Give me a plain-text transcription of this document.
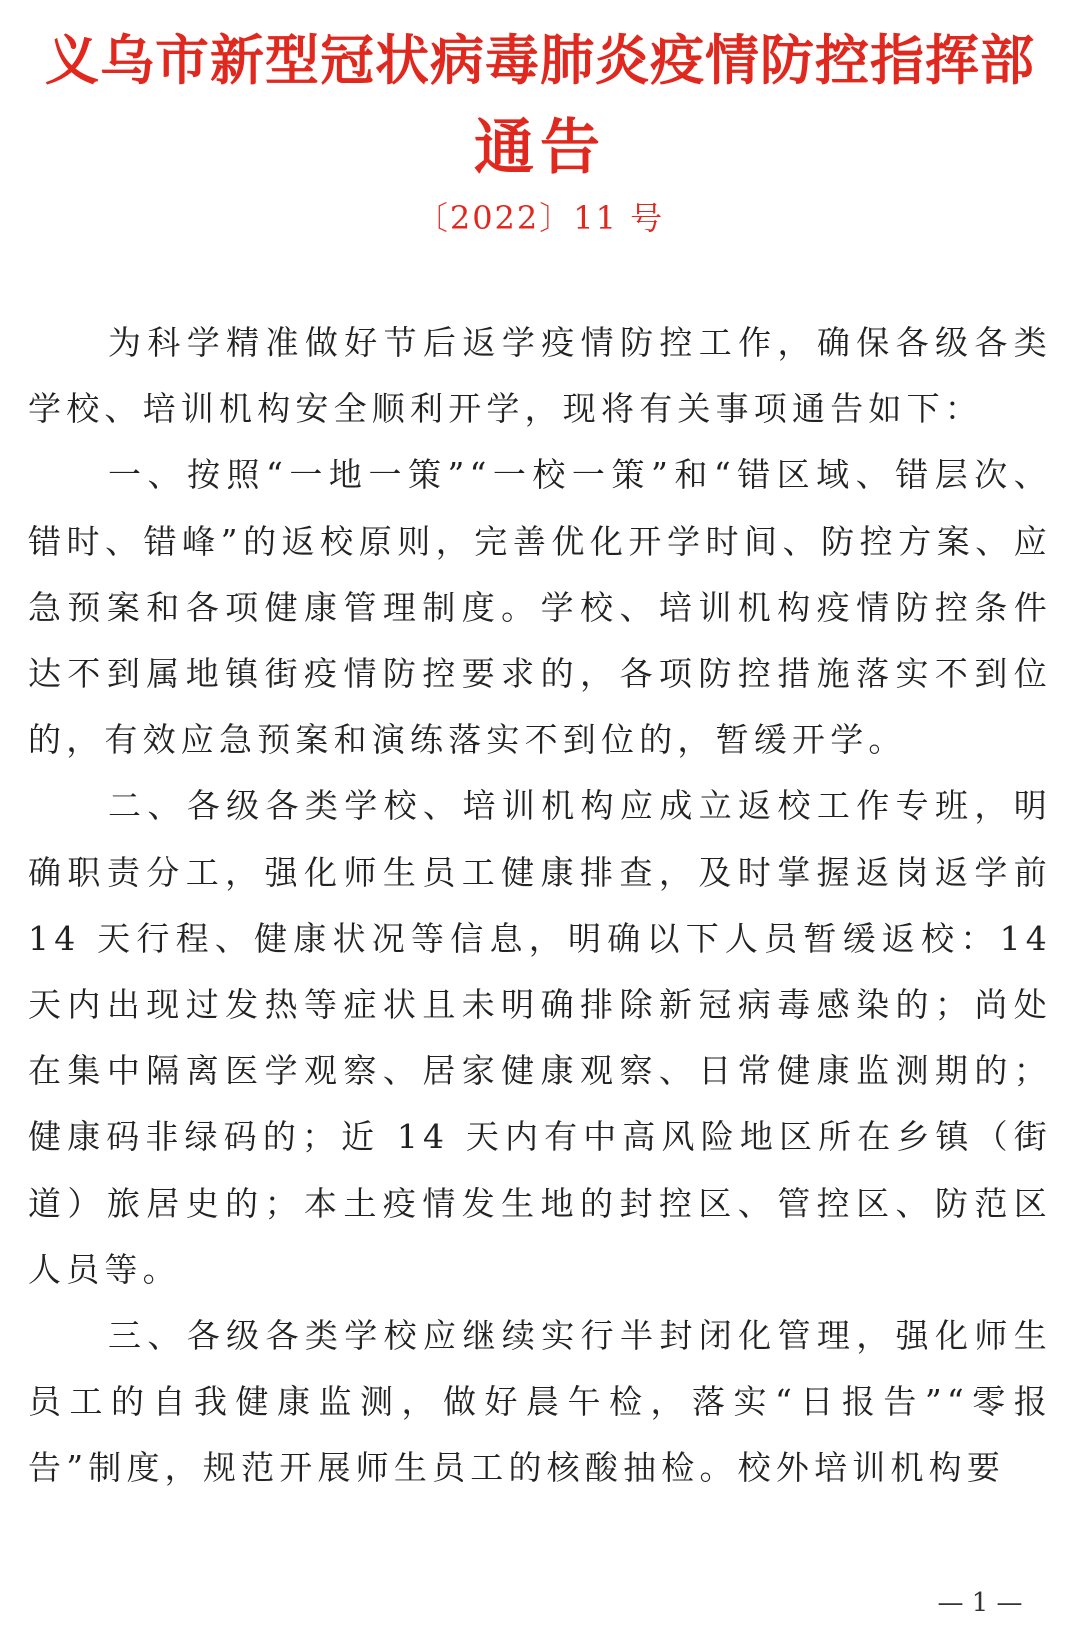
义乌市新型冠状病毒肺炎疫情防控指挥部
通告
〔2022〕11 号

为科学精准做好节后返学疫情防控工作，确保各级各类学校、培训机构安全顺利开学，现将有关事项通告如下：

一、按照“一地一策”“一校一策”和“错区域、错层次、错时、错峰”的返校原则，完善优化开学时间、防控方案、应急预案和各项健康管理制度。学校、培训机构疫情防控条件达不到属地镇街疫情防控要求的，各项防控措施落实不到位的，有效应急预案和演练落实不到位的，暂缓开学。

二、各级各类学校、培训机构应成立返校工作专班，明确职责分工，强化师生员工健康排查，及时掌握返岗返学前 14 天行程、健康状况等信息，明确以下人员暂缓返校：14 天内出现过发热等症状且未明确排除新冠病毒感染的；尚处在集中隔离医学观察、居家健康观察、日常健康监测期的；健康码非绿码的；近 14 天内有中高风险地区所在乡镇（街道）旅居史的；本土疫情发生地的封控区、管控区、防范区人员等。

三、各级各类学校应继续实行半封闭化管理，强化师生员工的自我健康监测，做好晨午检，落实“日报告”“零报告”制度，规范开展师生员工的核酸抽检。校外培训机构要

— 1 —
